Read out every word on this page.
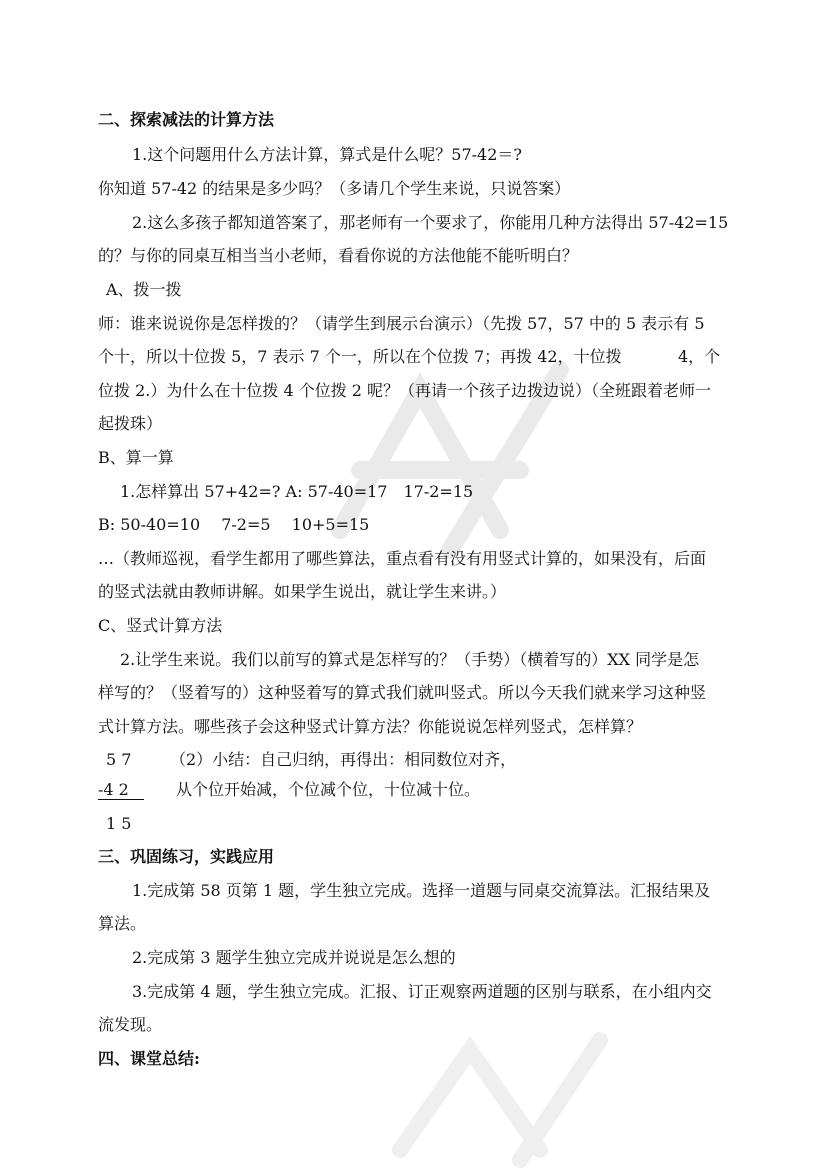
二、探索减法的计算方法
1.这个问题用什么方法计算，算式是什么呢？57-42＝?
你知道 57-42 的结果是多少吗？（多请几个学生来说，只说答案）
2.这么多孩子都知道答案了，那老师有一个要求了，你能用几种方法得出 57-42=15
的？与你的同桌互相当当小老师，看看你说的方法他能不能听明白？
A、拨一拨
师：谁来说说你是怎样拨的？（请学生到展示台演示）（先拨 57，57 中的 5 表示有 5
个十，所以十位拨 5，7 表示 7 个一，所以在个位拨 7；再拨 42，十位拨	4，个
位拨 2.）为什么在十位拨 4 个位拨 2 呢？（再请一个孩子边拨边说）（全班跟着老师一
起拨珠）
B、算一算
1.怎样算出 57+42=? A: 57-40=17　17-2=15
B: 50-40=10　 7-2=5　 10+5=15
…（教师巡视，看学生都用了哪些算法，重点看有没有用竖式计算的，如果没有，后面
的竖式法就由教师讲解。如果学生说出，就让学生来讲。）
C、竖式计算方法
2.让学生来说。我们以前写的算式是怎样写的？（手势）（横着写的）XX 同学是怎
样写的？（竖着写的）这种竖着写的算式我们就叫竖式。所以今天我们就来学习这种竖
式计算方法。哪些孩子会这种竖式计算方法？你能说说怎样列竖式，怎样算？
5 7 （2）小结：自己归纳，再得出：相同数位对齐，
-4 2	从个位开始减，个位减个位，十位减十位。
1 5
三、巩固练习，实践应用
1.完成第 58 页第 1 题，学生独立完成。选择一道题与同桌交流算法。汇报结果及
算法。
2.完成第 3 题学生独立完成并说说是怎么想的
3.完成第 4 题，学生独立完成。汇报、订正观察两道题的区别与联系，在小组内交
流发现。
四、课堂总结:
